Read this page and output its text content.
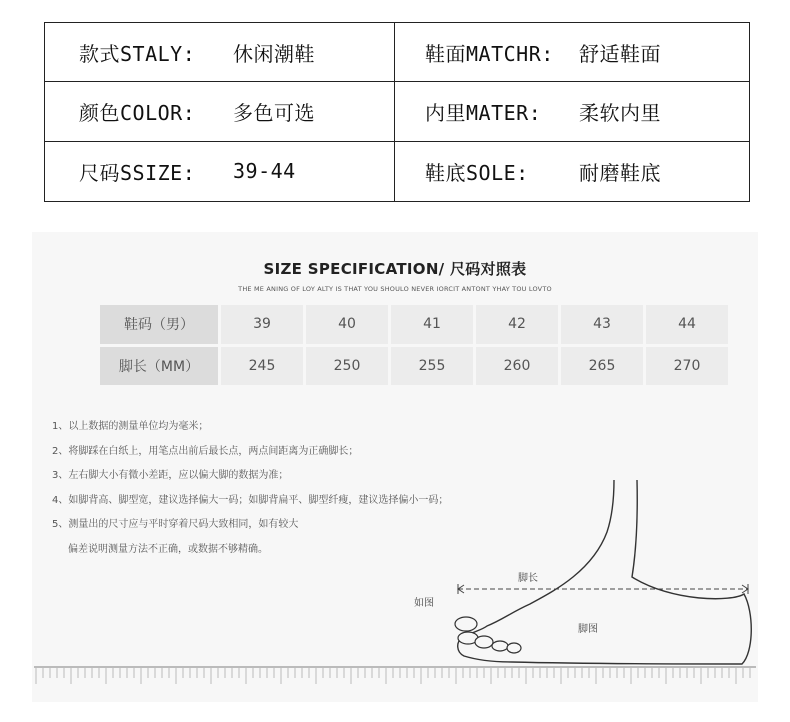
款式STALY:	休闲潮鞋	鞋面MATCHR:	舒适鞋面
颜色COLOR:	多色可选	内里MATER:	柔软内里
尺码SSIZE:	39-44	鞋底SOLE:	耐磨鞋底
SIZE SPECIFICATION/ 尺码对照表
THE ME ANING OF LOY ALTY IS THAT YOU SHOULO NEVER IORCIT ANTONT YHAY TOU LOVTO
鞋码（男）	39	40	41	42	43	44
脚长（MM）	245	250	255	260	265	270
1、以上数据的测量单位均为毫米；
2、将脚踩在白纸上，用笔点出前后最长点，两点间距离为正确脚长；
3、左右脚大小有微小差距，应以偏大脚的数据为准；
4、如脚背高、脚型宽，建议选择偏大一码；如脚背扁平、脚型纤瘦，建议选择偏小一码；
5、测量出的尺寸应与平时穿着尺码大致相同，如有较大
偏差说明测量方法不正确，或数据不够精确。
脚长
如图
脚图
